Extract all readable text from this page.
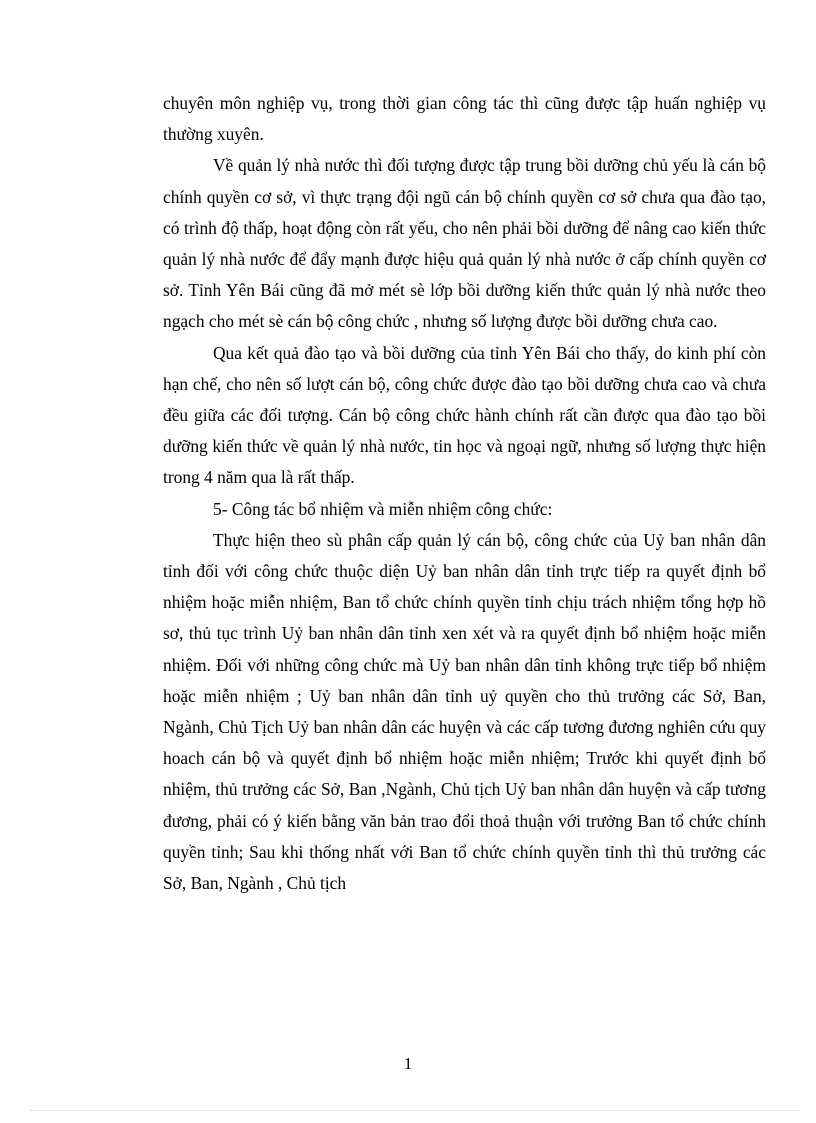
chuyên môn nghiệp vụ, trong thời gian công tác thì cũng được tập huấn nghiệp vụ thường xuyên.

Về quản lý nhà nước thì đối tượng được tập trung bồi dưỡng chủ yếu là cán bộ chính quyền cơ sở, vì thực trạng đội ngũ cán bộ chính quyền cơ sở chưa qua đào tạo, có trình độ thấp, hoạt động còn rất yếu, cho nên phải bồi dưỡng để nâng cao kiến thức quản lý nhà nước để đẩy mạnh được hiệu quả quản lý nhà nước ở cấp chính quyền cơ sở. Tỉnh Yên Bái cũng đã mở mét sè lớp bồi dưỡng kiến thức quản lý nhà nước theo ngạch cho mét sè cán bộ công chức , nhưng số lượng được bồi dưỡng chưa cao.

Qua kết quả đào tạo và bồi dưỡng của tỉnh Yên Bái cho thấy, do kinh phí còn hạn chế, cho nên số lượt cán bộ, công chức được đào tạo bồi dưỡng chưa cao và chưa đều giữa các đối tượng. Cán bộ công chức hành chính rất cần được qua đào tạo bồi dưỡng kiến thức về quản lý nhà nước, tin học và ngoại ngữ, nhưng số lượng thực hiện trong 4 năm qua là rất thấp.

5- Công tác bổ nhiệm và miễn nhiệm công chức:

Thực hiện theo sù phân cấp quản lý cán bộ, công chức của Uỷ ban nhân dân tỉnh đối với công chức thuộc diện Uỷ ban nhân dân tỉnh trực tiếp ra quyết định bổ nhiệm hoặc miễn nhiệm, Ban tổ chức chính quyền tỉnh chịu trách nhiệm tổng hợp hồ sơ, thủ tục trình Uỷ ban nhân dân tỉnh xen xét và ra quyết định bổ nhiệm hoặc miễn nhiệm. Đối với những công chức mà Uỷ ban nhân dân tỉnh không trực tiếp bổ nhiệm hoặc miễn nhiệm ; Uỷ ban nhân dân tỉnh uỷ quyền cho thủ trưởng các Sở, Ban, Ngành, Chủ Tịch Uỷ ban nhân dân các huyện và các cấp tương đương nghiên cứu quy hoach cán bộ và quyết định bổ nhiệm hoặc miễn nhiệm; Trước khi quyết định bổ nhiệm, thủ trưởng các Sở, Ban ,Ngành, Chủ tịch Uỷ ban nhân dân huyện và cấp tương đương, phải có ý kiến bằng văn bản trao đổi thoả thuận với trưởng Ban tổ chức chính quyền tỉnh; Sau khi thống nhất với Ban tổ chức chính quyền tỉnh thì thủ trưởng các Sở, Ban, Ngành , Chủ tịch

1
